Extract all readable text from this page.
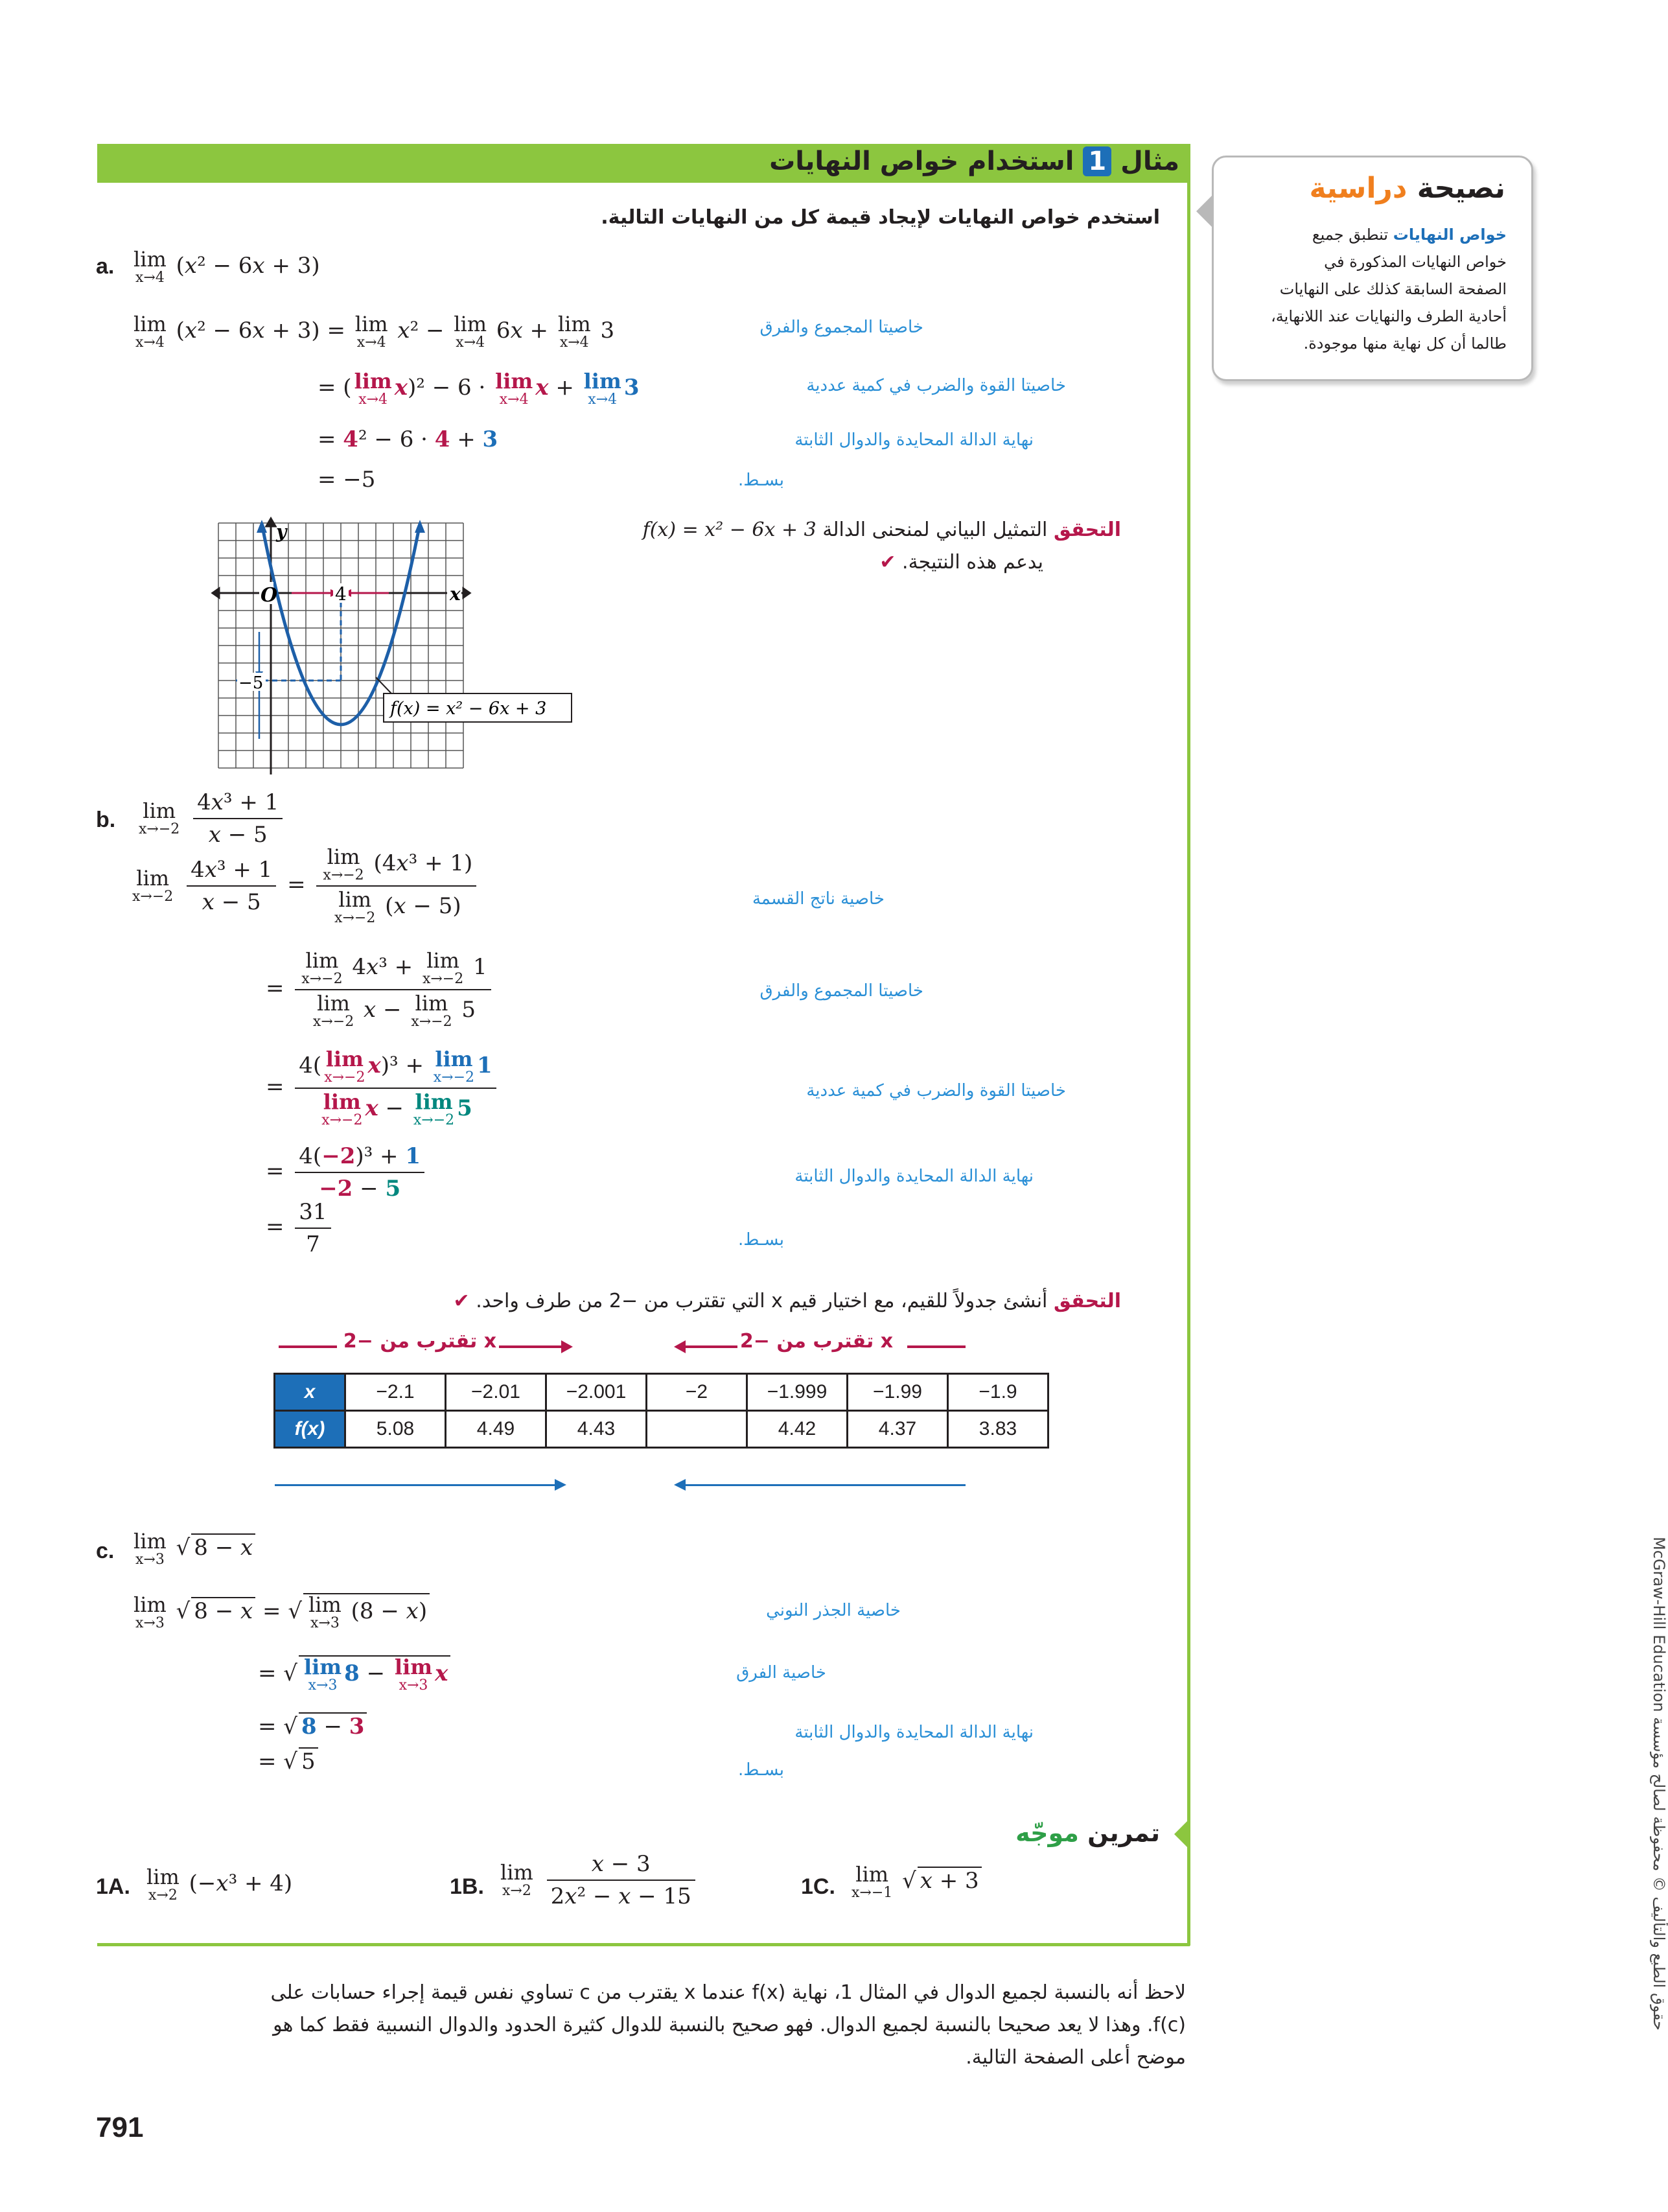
نصيحة دراسية
خواص النهايات تنطبق جميع
خواص النهايات المذكورة في
الصفحة السابقة كذلك على النهايات
أحادية الطرف والنهايات عند اللانهاية،
طالما أن كل نهاية منها موجودة.
مثال 1 استخدام خواص النهايات
استخدم خواص النهايات لإيجاد قيمة كل من النهايات التالية.
a. lim
x→4 (x² − 6x + 3)
lim
x→4 (x² − 6x + 3) = lim
x→4 x² − lim
x→4 6x + lim
x→4 3
= ( lim
x→4 x)² − 6 · lim
x→4 x + lim
x→4 3
= 4² − 6 · 4 + 3
= −5
خاصيتا المجموع والفرق
خاصيتا القوة والضرب في كمية عددية
نهاية الدالة المحايدة والدوال الثابتة
بسـط.
التحقق التمثيل البياني لمنحنى الدالة f(x) = x² − 6x + 3
يدعم هذه النتيجة. ✔
O
y
x
4
−5
f(x) = x² − 6x + 3
b. lim
x→−2
$\frac{\text{4x³ + 1}}{x - 5}$
lim
x→−2
$\frac{\text{4x³ + 1}}{x - 5} = \lim$
x→−2 (4x³ + 1)
lim
x→−2 (x − 5)
= lim
x→−2 4x³ + lim
x→−2 1
lim
x→−2 x − lim
x→−2 5
= 4( lim
x→−2 x)³ + lim
x→−2 1
lim
x→−2 x − lim
x→−2 5
= $\frac{\text{4(−2)³ + 1}}{-2 - 5}$
= $\frac{31}{7}$
خاصية ناتج القسمة
خاصيتا المجموع والفرق
خاصيتا القوة والضرب في كمية عددية
نهاية الدالة المحايدة والدوال الثابتة
بسـط.
التحقق أنشئ جدولاً للقيم، مع اختيار قيم x التي تقترب من −2 من طرف واحد. ✔
x تقترب من −2	x تقترب من −2
x	−2.1	−2.01	−2.001	−2	−1.999	−1.99	−1.9
f(x)	5.08	4.49	4.43		4.42	4.37	3.83
c. lim
x→3 √ 8 − x
lim
x→3 √ 8 − x = √ lim
x→3 (8 − x)
= √ lim
x→3 8 − lim
x→3 x
= √ 8 − 3
= √ 5
خاصية الجذر النوني
خاصية الفرق
نهاية الدالة المحايدة والدوال الثابتة
بسـط.
تمرين موجّه
1A. lim
x→2 (−x³ + 4)	1B.
lim
x→2
$\frac{x - 3}{\text{2x² − x − 15}}$	1C. lim
x→−1 √ x + 3
لاحظ أنه بالنسبة لجميع الدوال في المثال 1، نهاية f(x) عندما x يقترب من c تساوي نفس قيمة إجراء حسابات على
f(c). وهذا لا يعد صحيحا بالنسبة لجميع الدوال. فهو صحيح بالنسبة للدوال كثيرة الحدود والدوال النسبية فقط كما هو
موضح أعلى الصفحة التالية.
791
حقوق الطبع والتأليف © محفوظة لصالح مؤسسة McGraw-Hill Education
